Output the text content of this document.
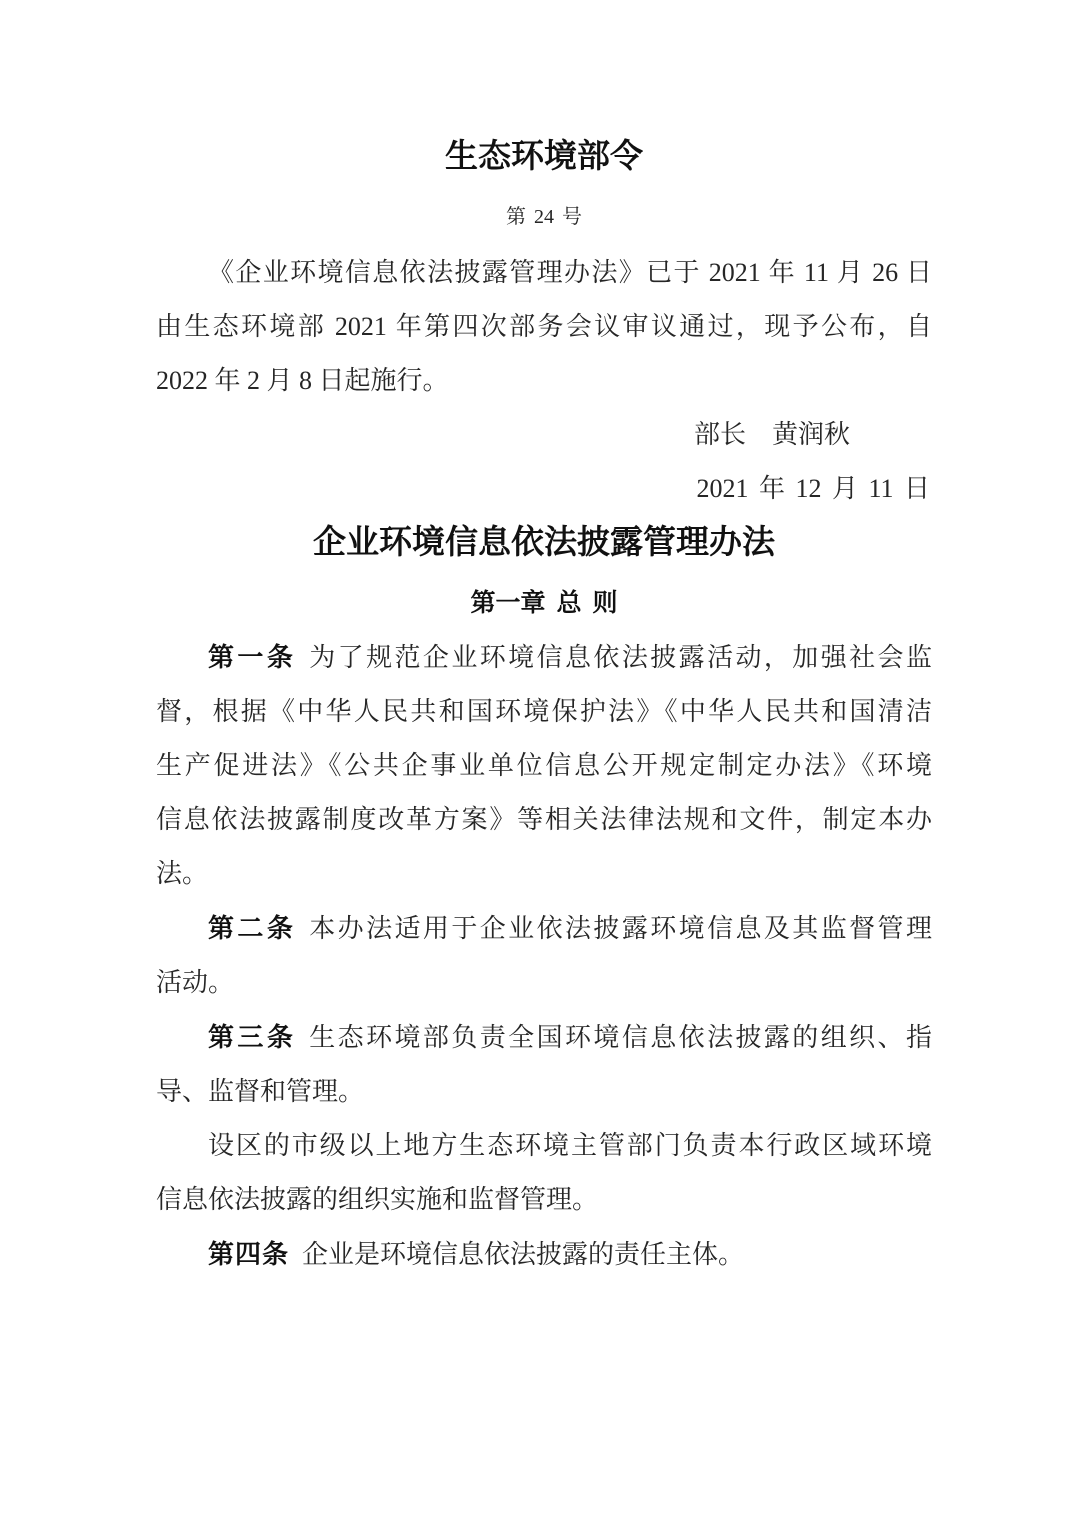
生态环境部令
第 24 号
《企业环境信息依法披露管理办法》已于 2021 年 11 月 26 日
由生态环境部 2021 年第四次部务会议审议通过，现予公布，自
2022 年 2 月 8 日起施行。
部长　黄润秋
2021 年 12 月 11 日
企业环境信息依法披露管理办法
第一章 总 则
第一条 为了规范企业环境信息依法披露活动，加强社会监
督，根据《中华人民共和国环境保护法》《中华人民共和国清洁
生产促进法》《公共企事业单位信息公开规定制定办法》《环境
信息依法披露制度改革方案》等相关法律法规和文件，制定本办
法。
第二条 本办法适用于企业依法披露环境信息及其监督管理
活动。
第三条 生态环境部负责全国环境信息依法披露的组织、指
导、监督和管理。
设区的市级以上地方生态环境主管部门负责本行政区域环境
信息依法披露的组织实施和监督管理。
第四条 企业是环境信息依法披露的责任主体。
